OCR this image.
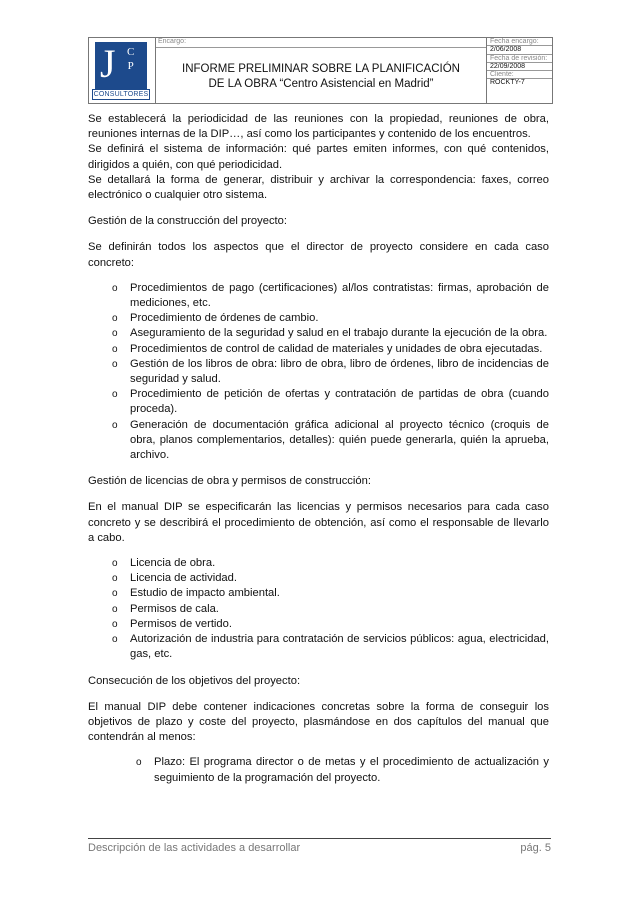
J C
P
CONSULTORES
Encargo:
INFORME PRELIMINAR SOBRE LA PLANIFICACIÓN
DE LA OBRA “Centro Asistencial en Madrid”
Fecha encargo:
2/06/2008
Fecha de revisión:
22/09/2008
Cliente:
ROCKTY-7

Se establecerá la periodicidad de las reuniones con la propiedad, reuniones de obra, reuniones internas de la DIP…, así como los participantes y contenido de los encuentros.

Se definirá el sistema de información: qué partes emiten informes, con qué contenidos, dirigidos a quién, con qué periodicidad.

Se detallará la forma de generar, distribuir y archivar la correspondencia: faxes, correo electrónico o cualquier otro sistema.

Gestión de la construcción del proyecto:

Se definirán todos los aspectos que el director de proyecto considere en cada caso concreto:

o Procedimientos de pago (certificaciones) al/los contratistas: firmas, aprobación de mediciones, etc.
o Procedimiento de órdenes de cambio.
o Aseguramiento de la seguridad y salud en el trabajo durante la ejecución de la obra.
o Procedimientos de control de calidad de materiales y unidades de obra ejecutadas.
o Gestión de los libros de obra: libro de obra, libro de órdenes, libro de incidencias de seguridad y salud.
o Procedimiento de petición de ofertas y contratación de partidas de obra (cuando proceda).
o Generación de documentación gráfica adicional al proyecto técnico (croquis de obra, planos complementarios, detalles): quién puede generarla, quién la aprueba, archivo.

Gestión de licencias de obra y permisos de construcción:

En el manual DIP se especificarán las licencias y permisos necesarios para cada caso concreto y se describirá el procedimiento de obtención, así como el responsable de llevarlo a cabo.

o Licencia de obra.
o Licencia de actividad.
o Estudio de impacto ambiental.
o Permisos de cala.
o Permisos de vertido.
o Autorización de industria para contratación de servicios públicos: agua, electricidad, gas, etc.

Consecución de los objetivos del proyecto:

El manual DIP debe contener indicaciones concretas sobre la forma de conseguir los objetivos de plazo y coste del proyecto, plasmándose en dos capítulos del manual que contendrán al menos:

o Plazo: El programa director o de metas y el procedimiento de actualización y seguimiento de la programación del proyecto.
Descripción de las actividades a desarrollar	pág. 5
